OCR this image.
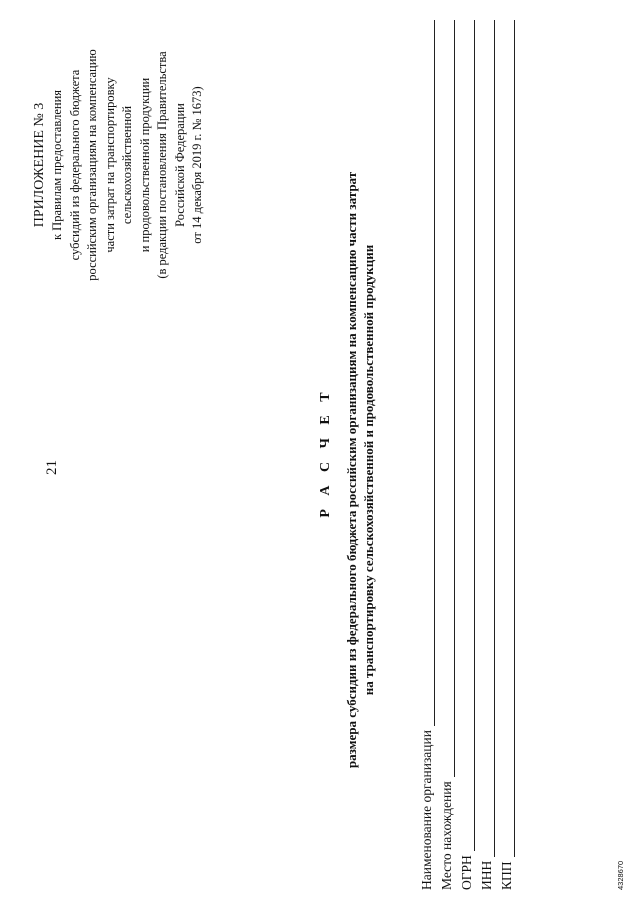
21
ПРИЛОЖЕНИЕ № 3 к Правилам предоставления субсидий из федерального бюджета российским организациям на компенсацию части затрат на транспортировку сельскохозяйственной и продовольственной продукции (в редакции постановления Правительства Российской Федерации от 14 декабря 2019 г. № 1673)
Р А С Ч Е Т размера субсидии из федерального бюджета российским организациям на компенсацию части затрат на транспортировку сельскохозяйственной и продовольственной продукции
Наименование организации Место нахождения ОГРН ИНН КПП	4328670
